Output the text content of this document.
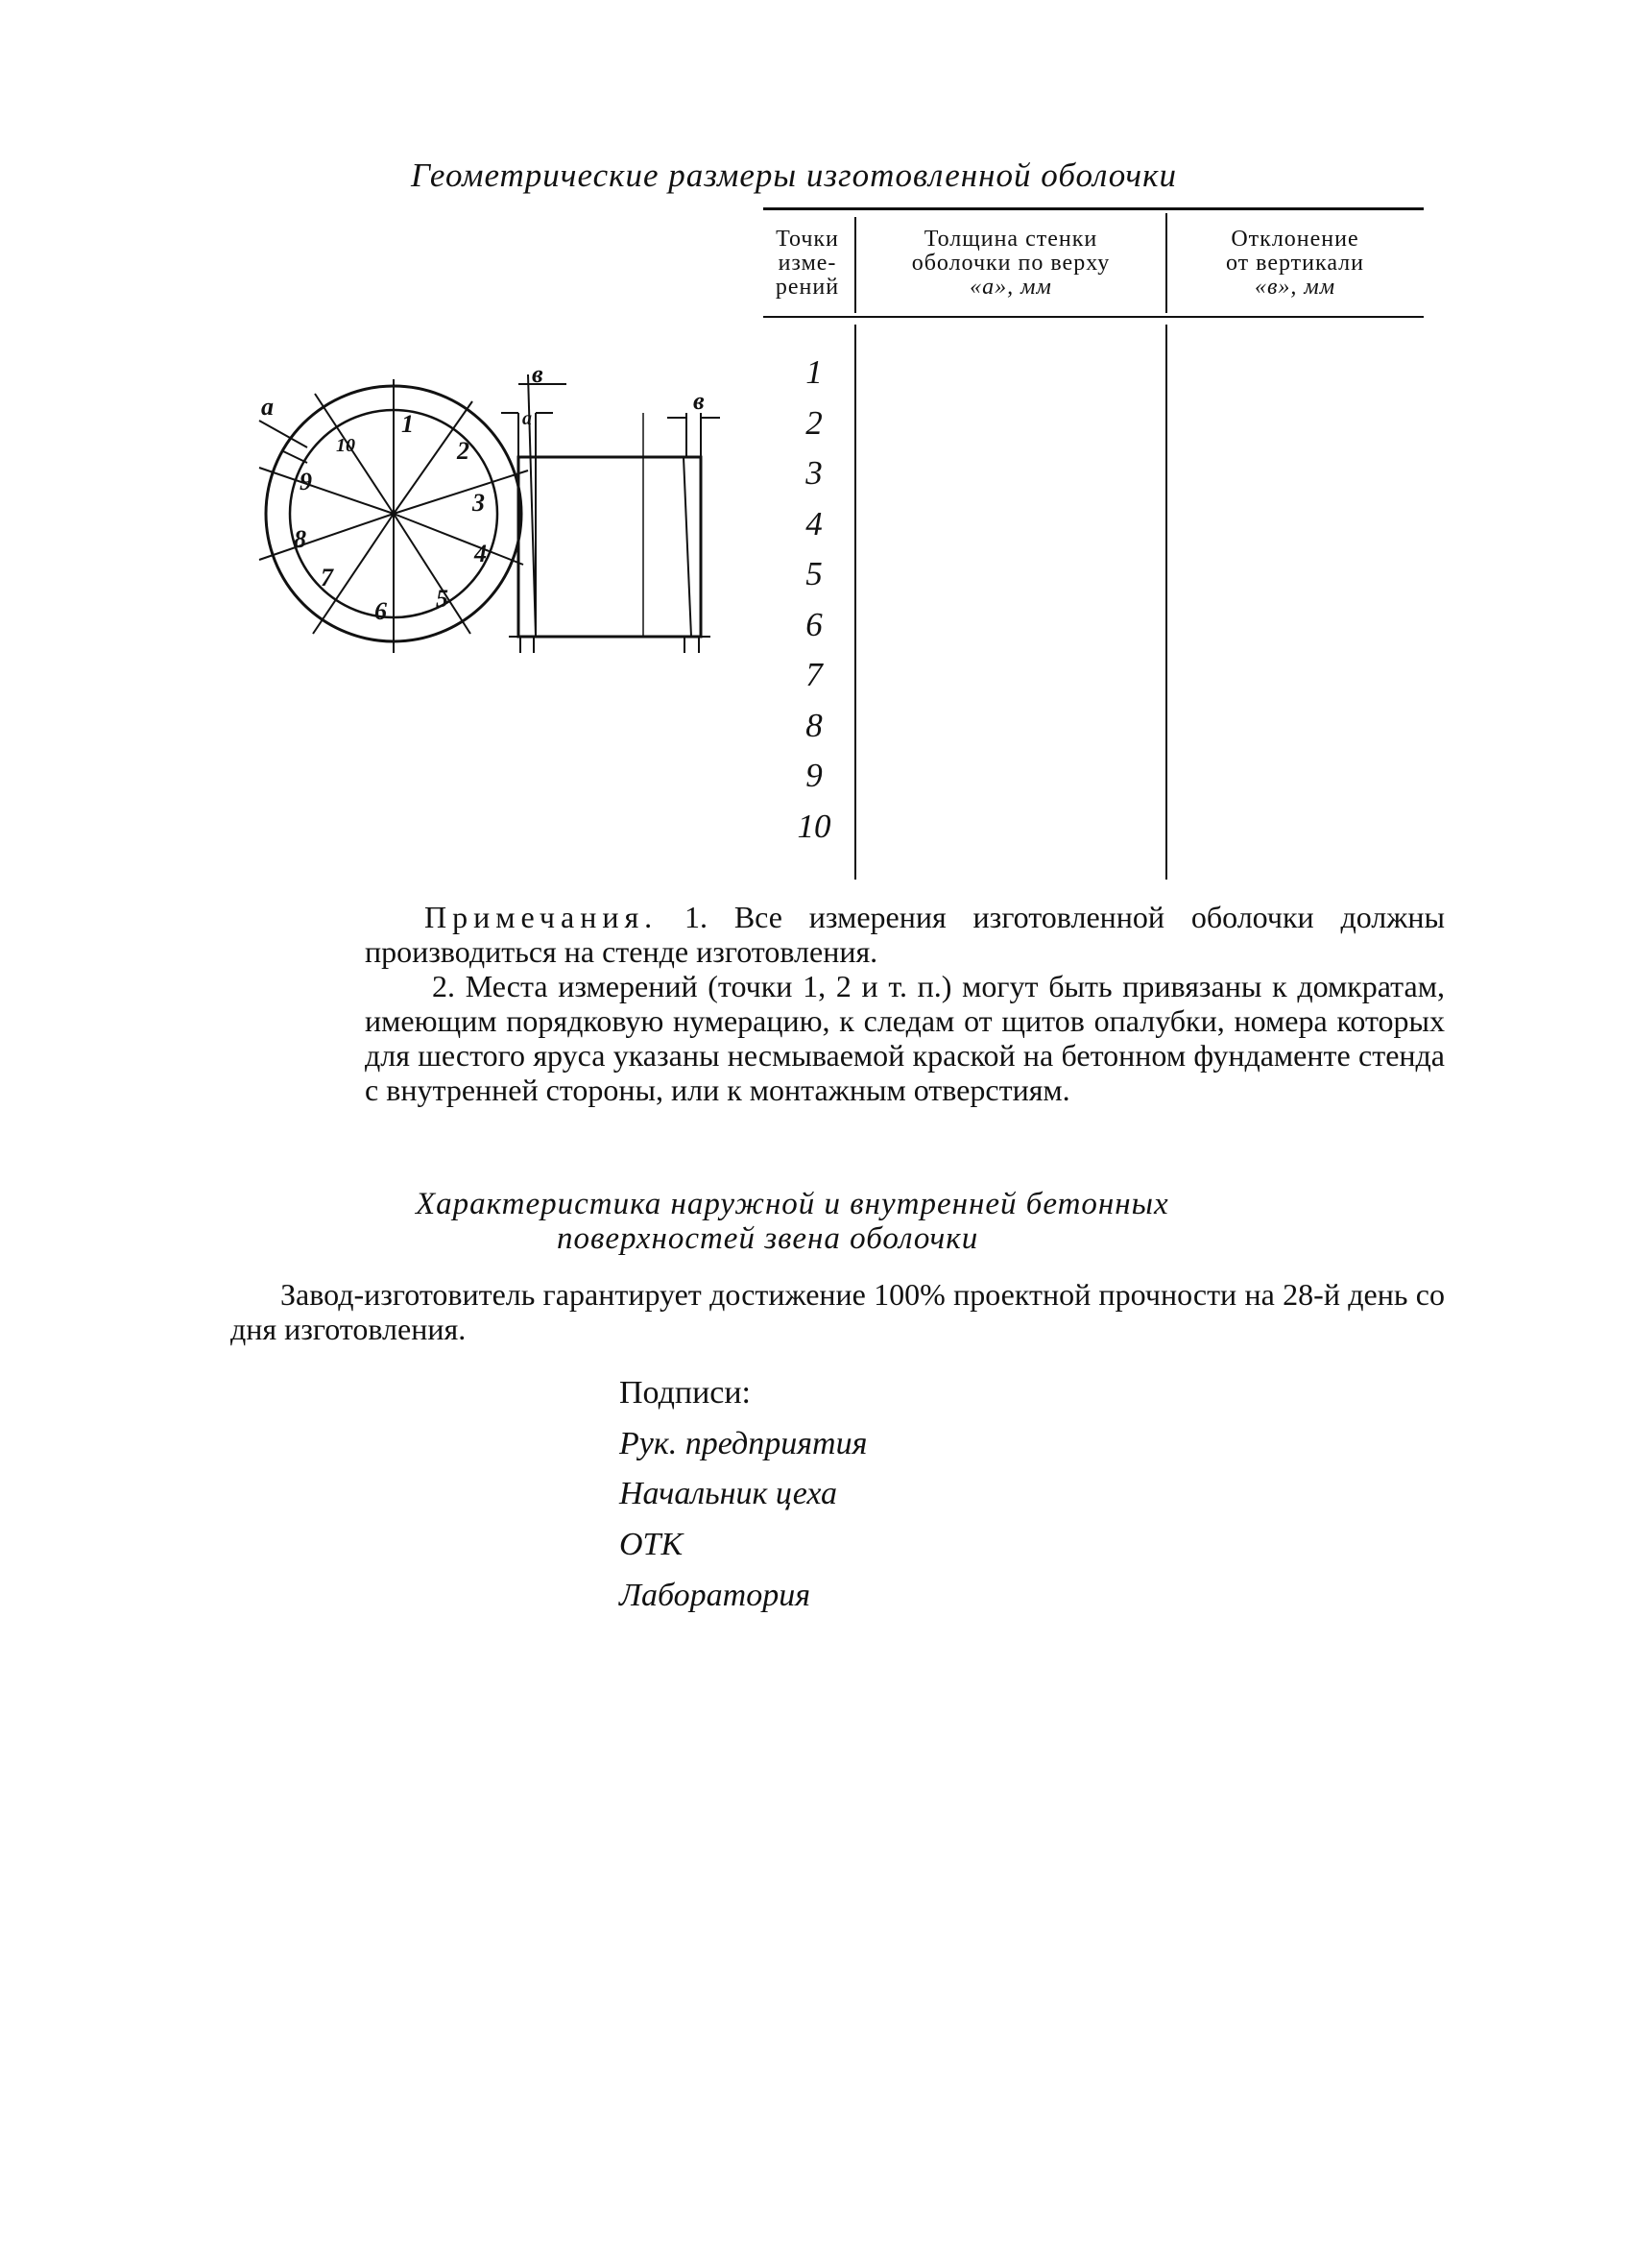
Геометрические размеры изготовленной оболочки
Точки
изме-
рений
Толщина стенки
оболочки по верху
«а», мм
Отклонение
от вертикали
«в», мм
1
2
3
4
5
6
7
8
9
10
1
2
3
4
5
6
7
8
9
10
а
в
а
в
Примечания. 1. Все измерения изготовленной оболочки должны производиться на стенде изготовления.
2. Места измерений (точки 1, 2 и т. п.) могут быть привязаны к домкратам, имеющим порядковую нумерацию, к следам от щитов опалубки, номера которых для шестого яруса указаны несмываемой краской на бетонном фундаменте стенда с внутренней стороны, или к монтажным отверстиям.
Характеристика наружной и внутренней бетонных
поверхностей звена оболочки
Завод-изготовитель гарантирует достижение 100% проектной прочности на 28-й день со дня изготовления.
Подписи:
Рук. предприятия
Начальник цеха
ОТК
Лаборатория
